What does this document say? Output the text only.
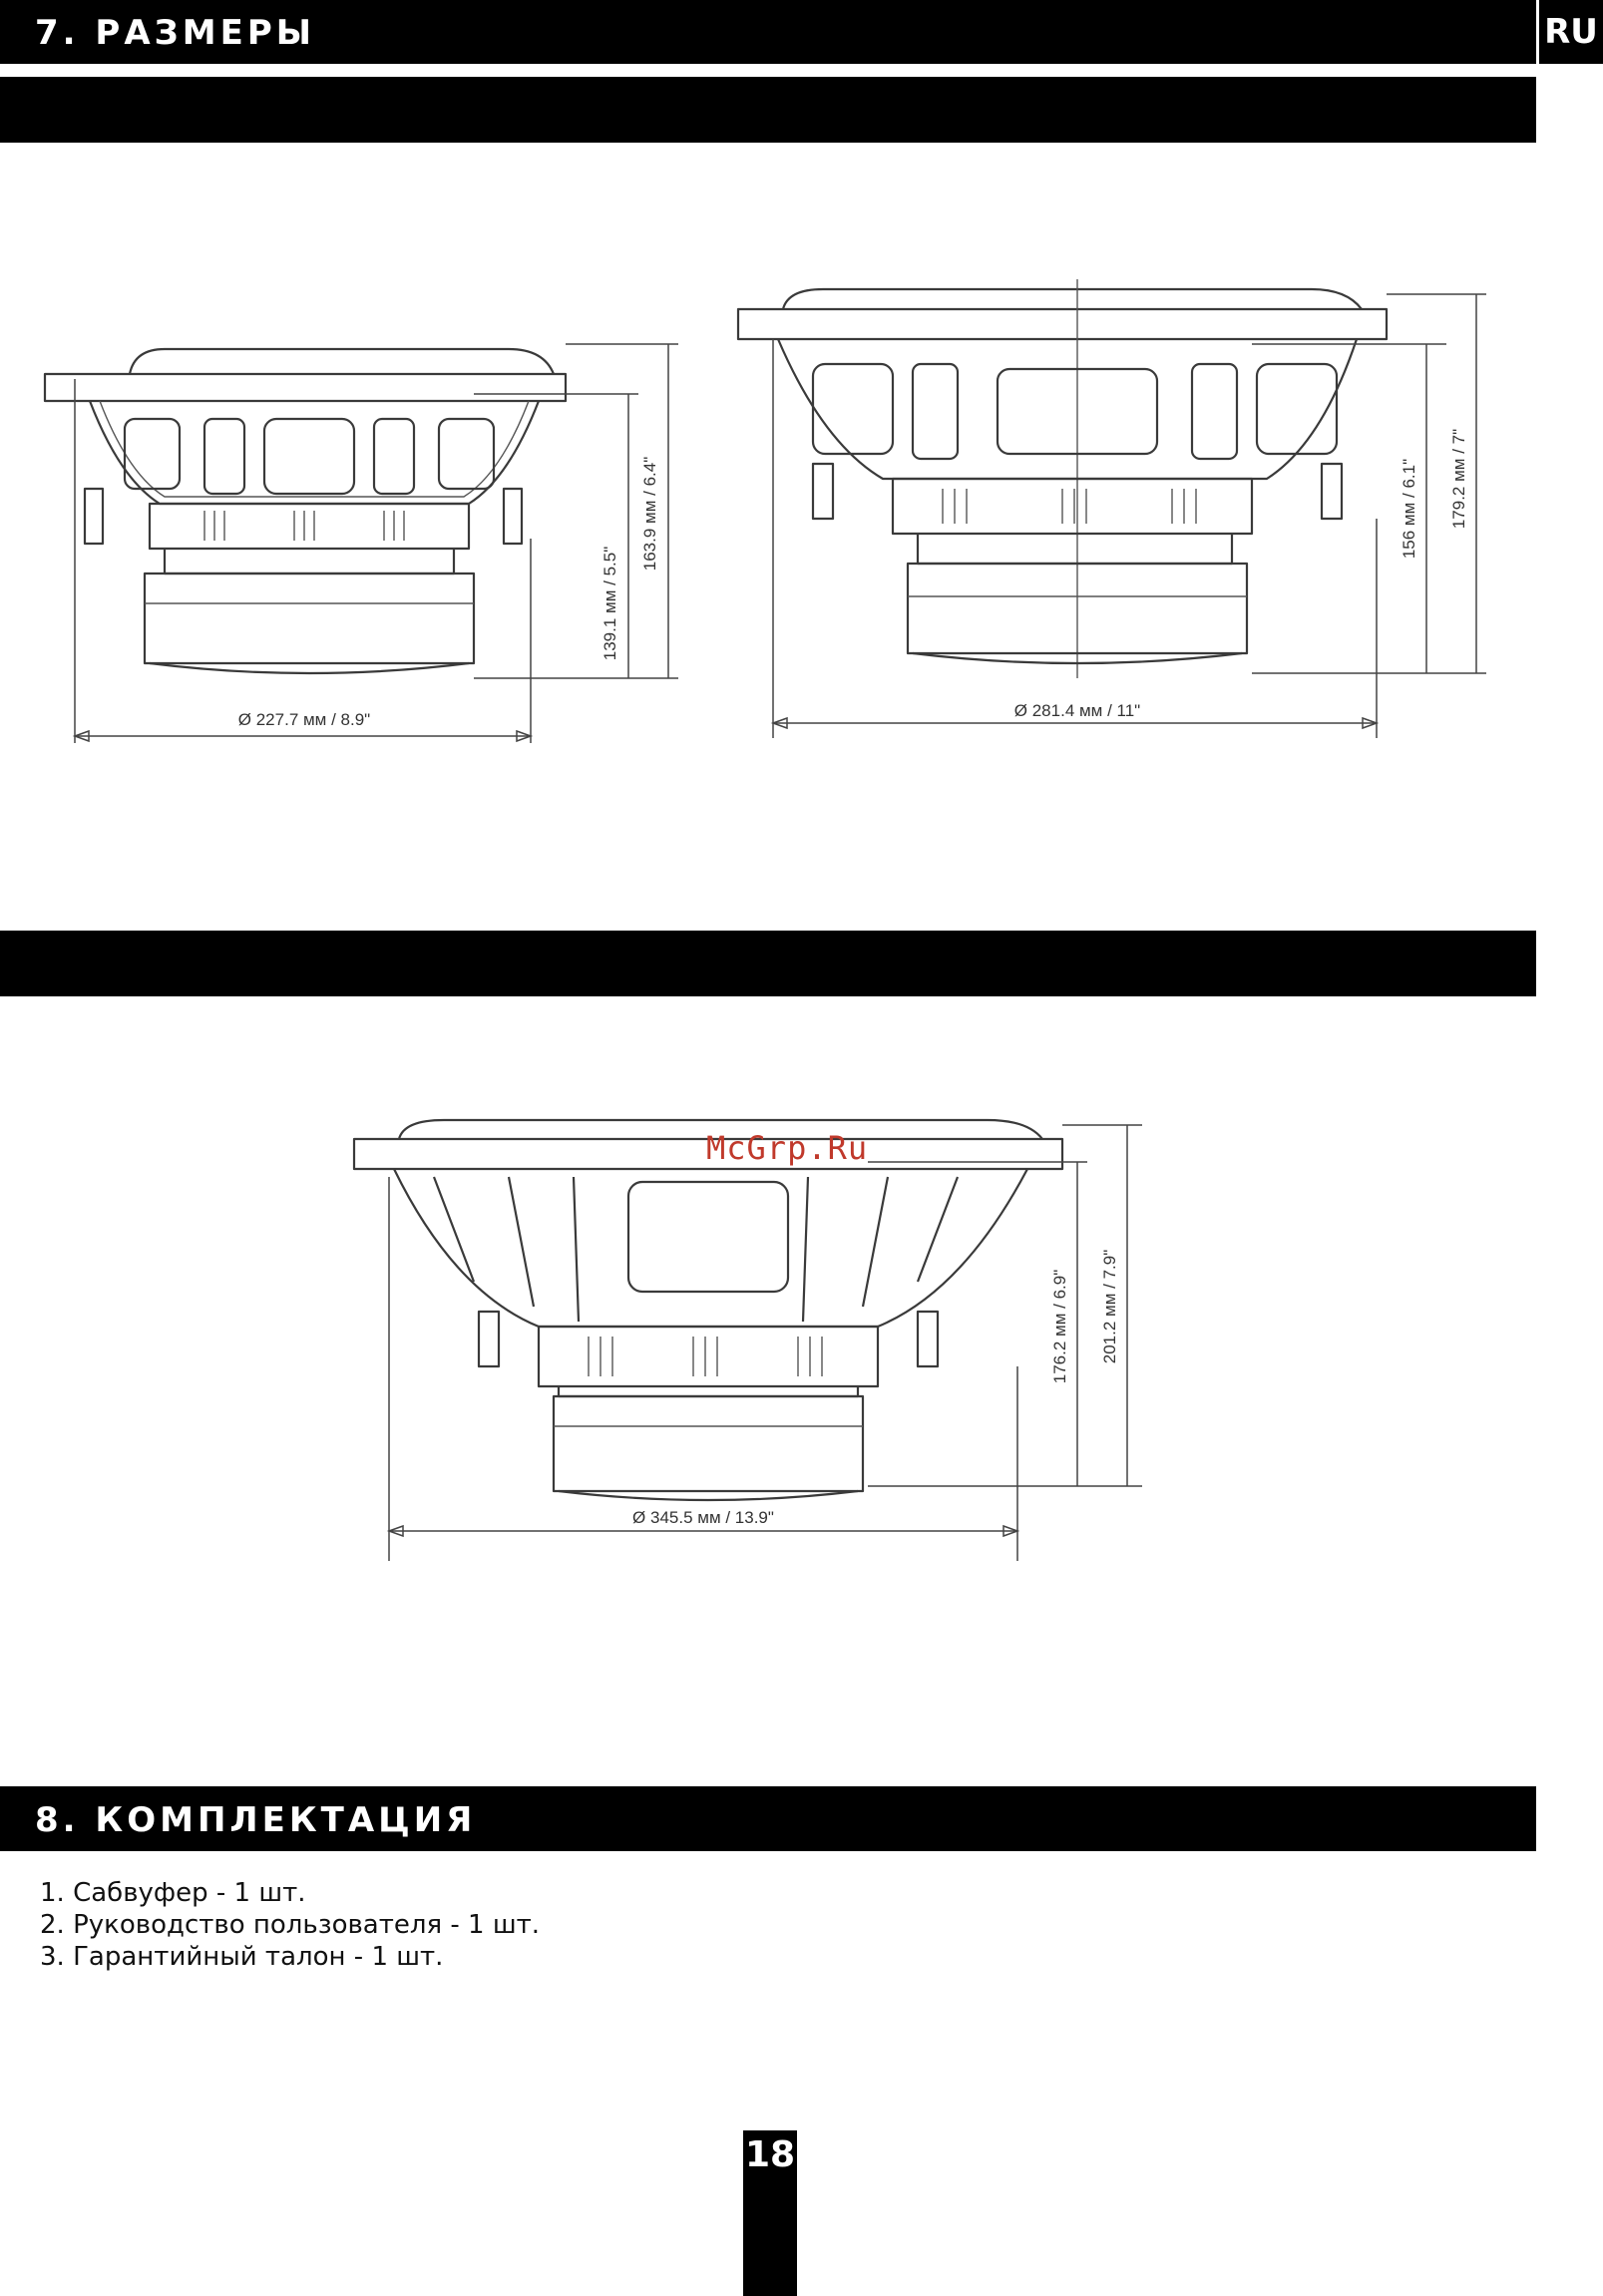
7. РАЗМЕРЫ	RU
139.1 мм / 5.5"
163.9 мм / 6.4"
Ø 227.7 мм / 8.9"
156 мм / 6.1" 179.2 мм / 7"
Ø 281.4 мм / 11"
176.2 мм / 6.9" 201.2 мм / 7.9"
Ø 345.5 мм / 13.9"
McGrp.Ru
8. КОМПЛЕКТАЦИЯ
1. Сабвуфер - 1 шт.
2. Руководство пользователя - 1 шт.
3. Гарантийный талон - 1 шт.
18
